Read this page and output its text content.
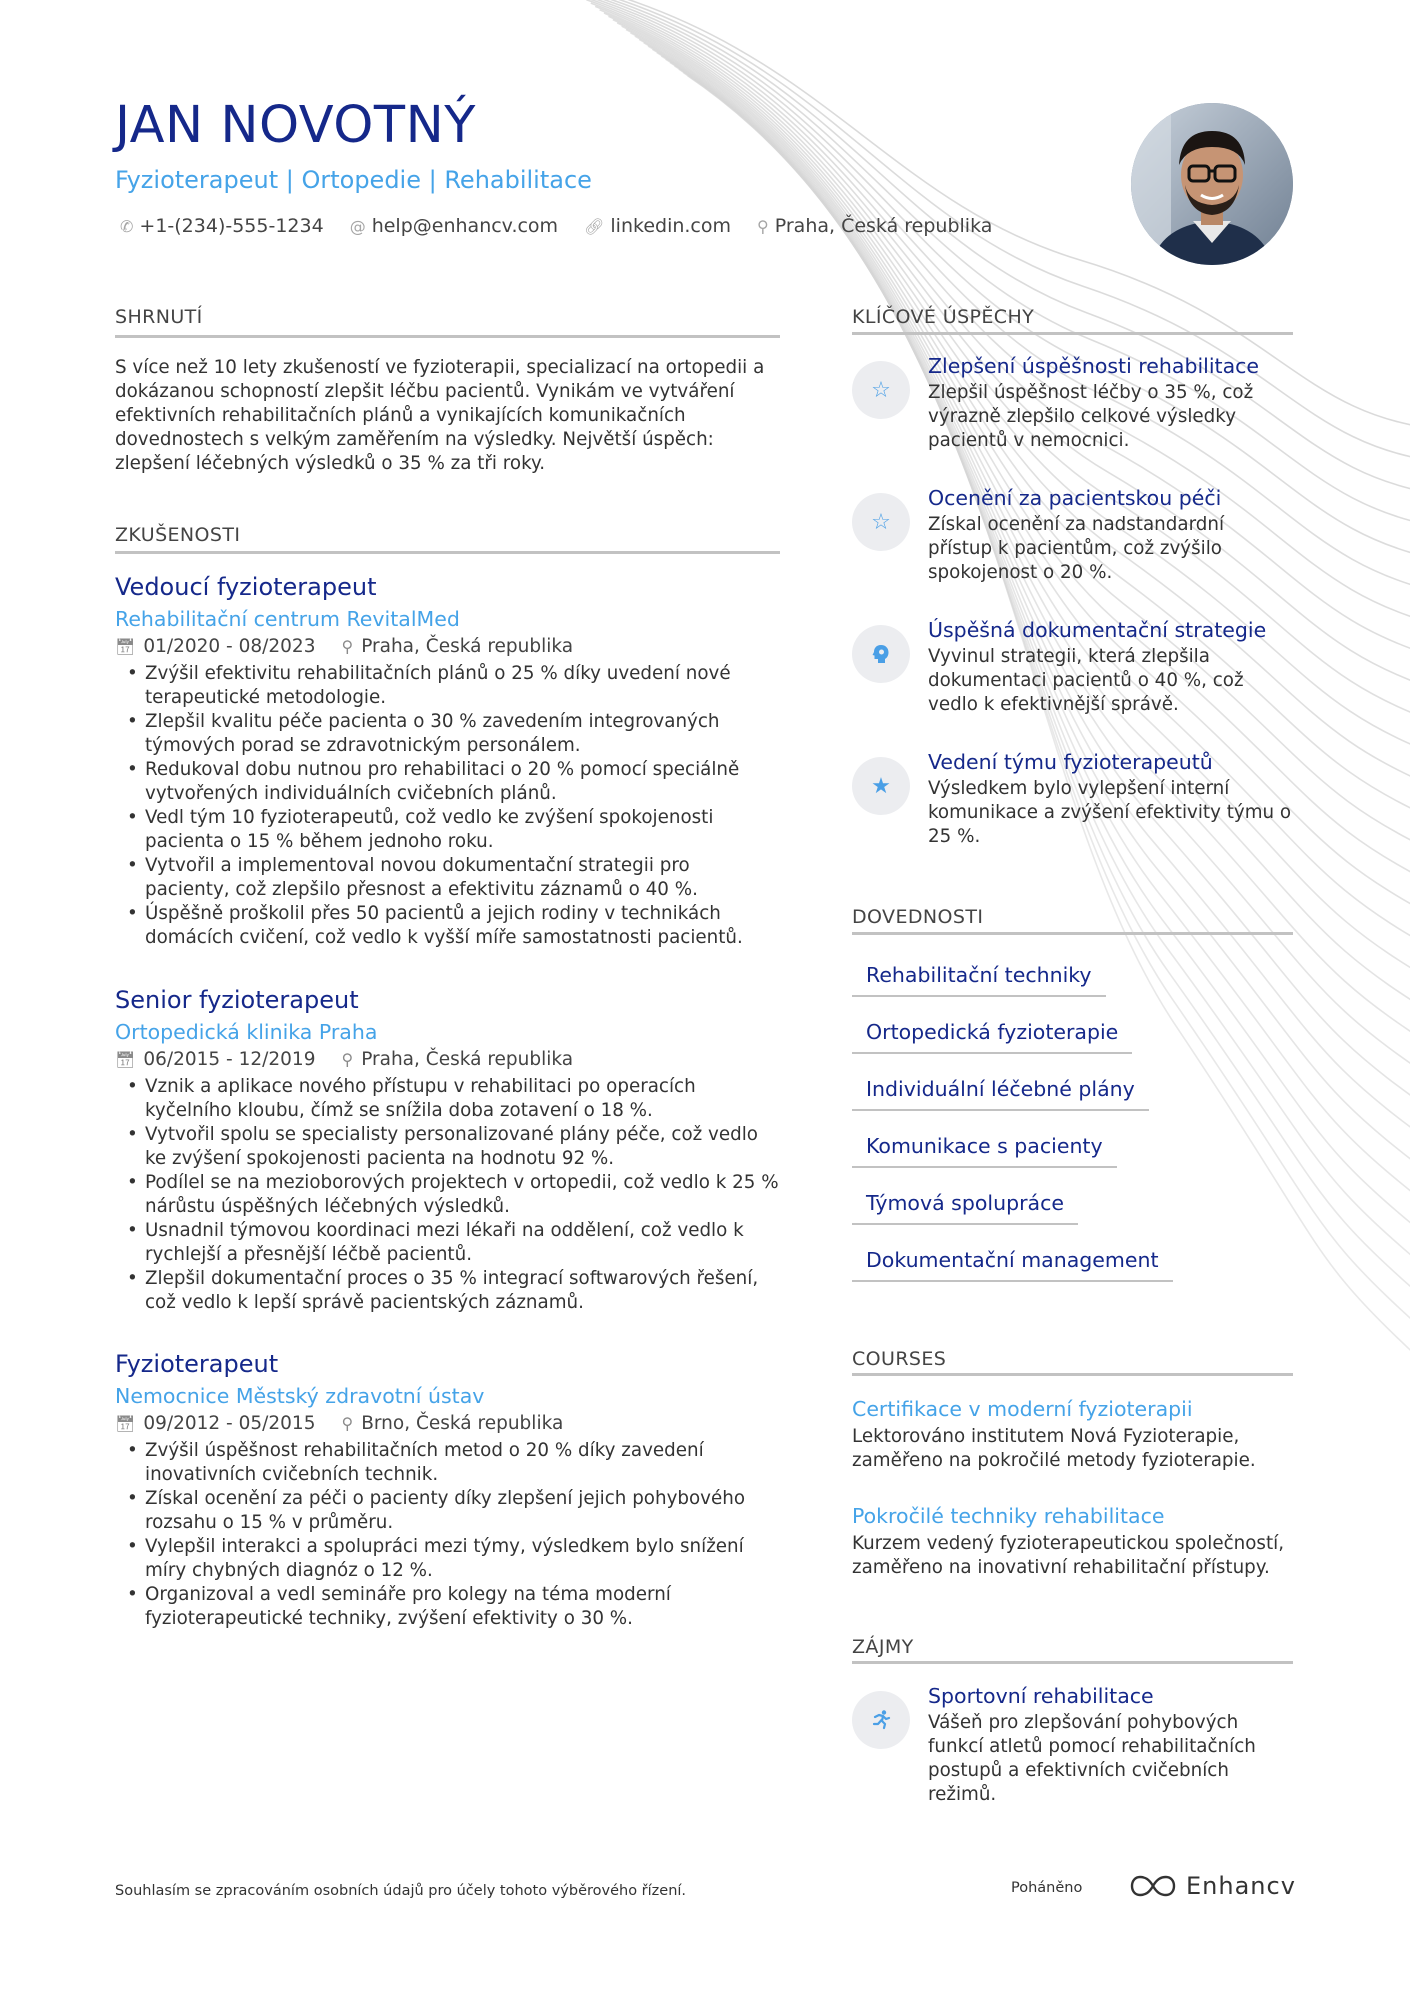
JAN NOVOTNÝ
Fyzioterapeut | Ortopedie | Rehabilitace
✆ +1-(234)-555-1234 @ help@enhancv.com 🔗︎ linkedin.com ⚲ Praha, Česká republika
SHRNUTÍ
S více než 10 lety zkušeností ve fyzioterapii, specializací na ortopedii a dokázanou schopností zlepšit léčbu pacientů. Vynikám ve vytváření efektivních rehabilitačních plánů a vynikajících komunikačních dovednostech s velkým zaměřením na výsledky. Největší úspěch: zlepšení léčebných výsledků o 35 % za tři roky.
ZKUŠENOSTI
Vedoucí fyzioterapeut
Rehabilitační centrum RevitalMed
📅︎ 01/2020 - 08/2023 ⚲ Praha, Česká republika
• Zvýšil efektivitu rehabilitačních plánů o 25 % díky uvedení nové terapeutické metodologie.
• Zlepšil kvalitu péče pacienta o 30 % zavedením integrovaných týmových porad se zdravotnickým personálem.
• Redukoval dobu nutnou pro rehabilitaci o 20 % pomocí speciálně vytvořených individuálních cvičebních plánů.
• Vedl tým 10 fyzioterapeutů, což vedlo ke zvýšení spokojenosti pacienta o 15 % během jednoho roku.
• Vytvořil a implementoval novou dokumentační strategii pro pacienty, což zlepšilo přesnost a efektivitu záznamů o 40 %.
• Úspěšně proškolil přes 50 pacientů a jejich rodiny v technikách domácích cvičení, což vedlo k vyšší míře samostatnosti pacientů.
Senior fyzioterapeut
Ortopedická klinika Praha
📅︎ 06/2015 - 12/2019 ⚲ Praha, Česká republika
• Vznik a aplikace nového přístupu v rehabilitaci po operacích kyčelního kloubu, čímž se snížila doba zotavení o 18 %.
• Vytvořil spolu se specialisty personalizované plány péče, což vedlo ke zvýšení spokojenosti pacienta na hodnotu 92 %.
• Podílel se na mezioborových projektech v ortopedii, což vedlo k 25 % nárůstu úspěšných léčebných výsledků.
• Usnadnil týmovou koordinaci mezi lékaři na oddělení, což vedlo k rychlejší a přesnější léčbě pacientů.
• Zlepšil dokumentační proces o 35 % integrací softwarových řešení, což vedlo k lepší správě pacientských záznamů.
Fyzioterapeut
Nemocnice Městský zdravotní ústav
📅︎ 09/2012 - 05/2015 ⚲ Brno, Česká republika
• Zvýšil úspěšnost rehabilitačních metod o 20 % díky zavedení inovativních cvičebních technik.
• Získal ocenění za péči o pacienty díky zlepšení jejich pohybového rozsahu o 15 % v průměru.
• Vylepšil interakci a spolupráci mezi týmy, výsledkem bylo snížení míry chybných diagnóz o 12 %.
• Organizoval a vedl semináře pro kolegy na téma moderní fyzioterapeutické techniky, zvýšení efektivity o 30 %.
KLÍČOVÉ ÚSPĚCHY
☆
Zlepšení úspěšnosti rehabilitace
Zlepšil úspěšnost léčby o 35 %, což výrazně zlepšilo celkové výsledky pacientů v nemocnici.
☆
Ocenění za pacientskou péči
Získal ocenění za nadstandardní přístup k pacientům, což zvýšilo spokojenost o 20 %.
Úspěšná dokumentační strategie
Vyvinul strategii, která zlepšila dokumentaci pacientů o 40 %, což vedlo k efektivnější správě.
★
Vedení týmu fyzioterapeutů
Výsledkem bylo vylepšení interní komunikace a zvýšení efektivity týmu o 25 %.
DOVEDNOSTI
Rehabilitační techniky
Ortopedická fyzioterapie
Individuální léčebné plány
Komunikace s pacienty
Týmová spolupráce
Dokumentační management
COURSES
Certifikace v moderní fyzioterapii
Lektorováno institutem Nová Fyzioterapie, zaměřeno na pokročilé metody fyzioterapie.
Pokročilé techniky rehabilitace
Kurzem vedený fyzioterapeutickou společností, zaměřeno na inovativní rehabilitační přístupy.
ZÁJMY
Sportovní rehabilitace
Vášeň pro zlepšování pohybových funkcí atletů pomocí rehabilitačních postupů a efektivních cvičebních režimů.
Souhlasím se zpracováním osobních údajů pro účely tohoto výběrového řízení.	Poháněno	Enhancv
